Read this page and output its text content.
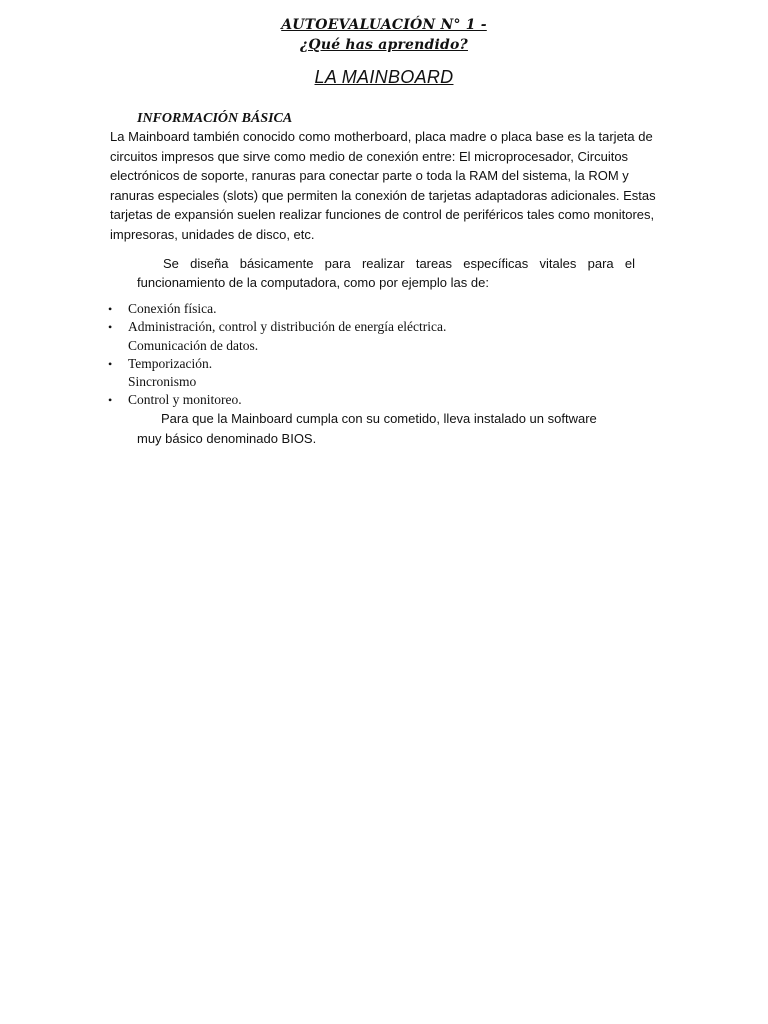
AUTOEVALUACIÓN N° 1 -
¿Qué has aprendido?
LA MAINBOARD
INFORMACIÓN BÁSICA

La Mainboard también conocido como motherboard, placa madre o placa base es la tarjeta de circuitos impresos que sirve como medio de conexión entre: El microprocesador, Circuitos electrónicos de soporte, ranuras para conectar parte o toda la RAM del sistema, la ROM y ranuras especiales (slots) que permiten la conexión de tarjetas adaptadoras adicionales. Estas tarjetas de expansión suelen realizar funciones de control de periféricos tales como monitores, impresoras, unidades de disco, etc.

Se diseña básicamente para realizar tareas específicas vitales para el funcionamiento de la computadora, como por ejemplo las de:

•	Conexión física.
•	Administración, control y distribución de energía eléctrica.
Comunicación de datos.
•	Temporización.
Sincronismo
•	Control y monitoreo.

Para que la Mainboard cumpla con su cometido, lleva instalado un software muy básico denominado BIOS.
